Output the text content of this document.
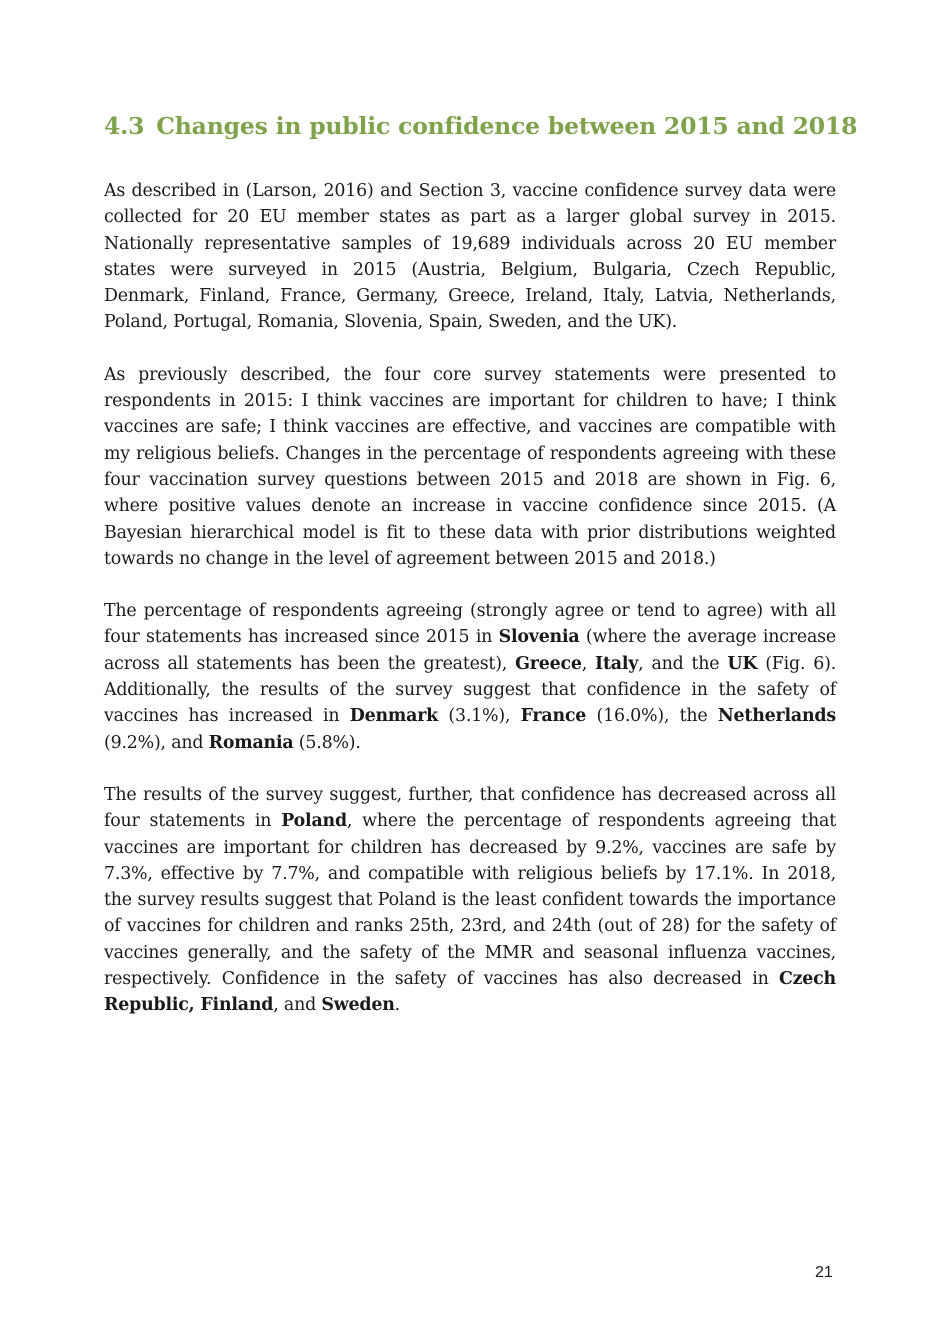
4.3 Changes in public confidence between 2015 and 2018

As described in (Larson, 2016) and Section 3, vaccine confidence survey data were collected for 20 EU member states as part as a larger global survey in 2015. Nationally representative samples of 19,689 individuals across 20 EU member states were surveyed in 2015 (Austria, Belgium, Bulgaria, Czech Republic, Denmark, Finland, France, Germany, Greece, Ireland, Italy, Latvia, Netherlands, Poland, Portugal, Romania, Slovenia, Spain, Sweden, and the UK).

As previously described, the four core survey statements were presented to respondents in 2015: I think vaccines are important for children to have; I think vaccines are safe; I think vaccines are effective, and vaccines are compatible with my religious beliefs. Changes in the percentage of respondents agreeing with these four vaccination survey questions between 2015 and 2018 are shown in Fig. 6, where positive values denote an increase in vaccine confidence since 2015. (A Bayesian hierarchical model is fit to these data with prior distributions weighted towards no change in the level of agreement between 2015 and 2018.)

The percentage of respondents agreeing (strongly agree or tend to agree) with all four statements has increased since 2015 in Slovenia (where the average increase across all statements has been the greatest), Greece, Italy, and the UK (Fig. 6). Additionally, the results of the survey suggest that confidence in the safety of vaccines has increased in Denmark (3.1%), France (16.0%), the Netherlands (9.2%), and Romania (5.8%).

The results of the survey suggest, further, that confidence has decreased across all four statements in Poland, where the percentage of respondents agreeing that vaccines are important for children has decreased by 9.2%, vaccines are safe by 7.3%, effective by 7.7%, and compatible with religious beliefs by 17.1%. In 2018, the survey results suggest that Poland is the least confident towards the importance of vaccines for children and ranks 25th, 23rd, and 24th (out of 28) for the safety of vaccines generally, and the safety of the MMR and seasonal influenza vaccines, respectively. Confidence in the safety of vaccines has also decreased in Czech Republic, Finland, and Sweden.

21
